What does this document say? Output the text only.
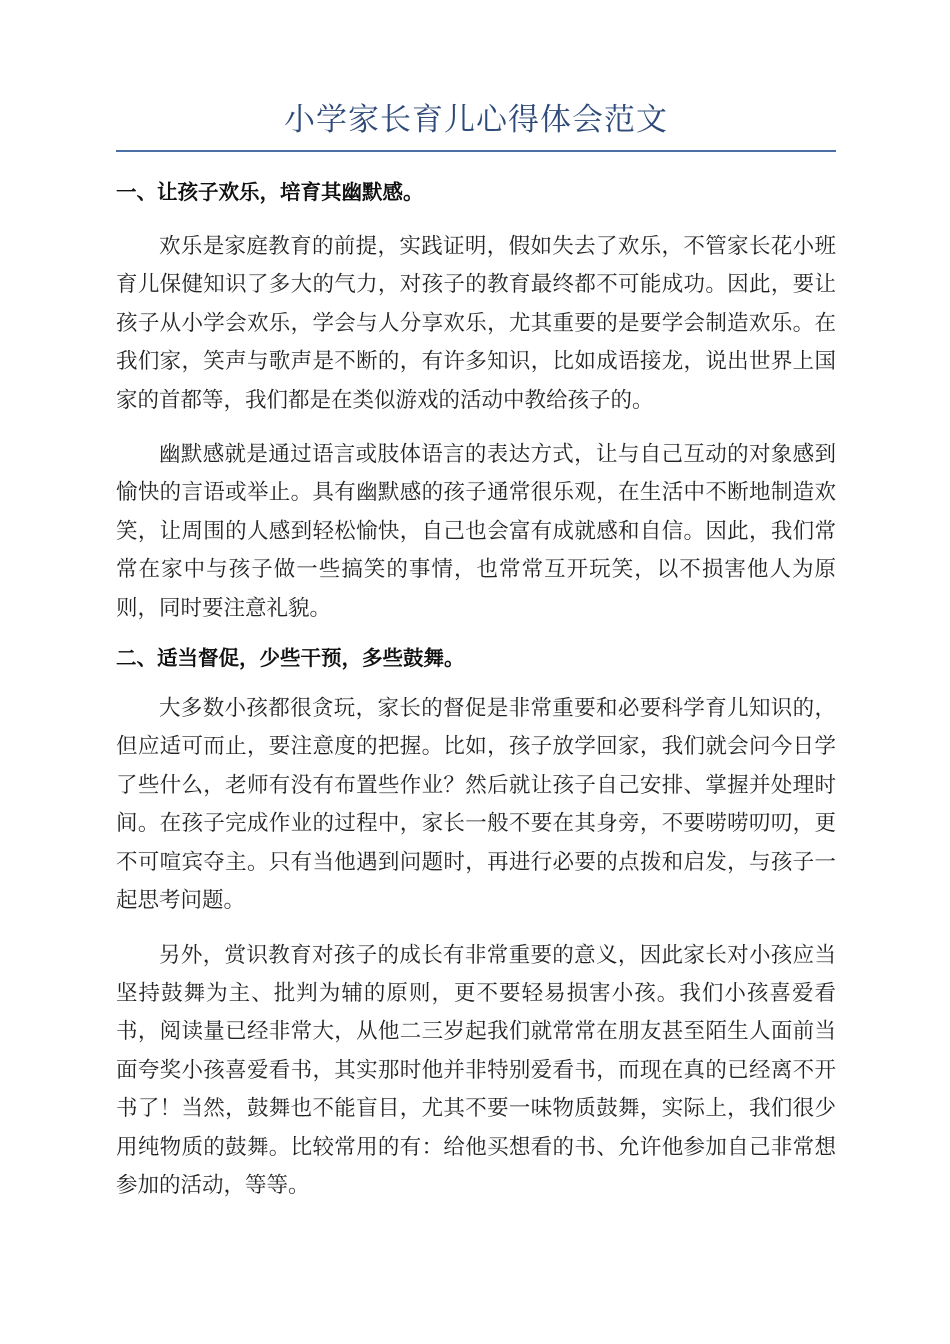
小学家长育儿心得体会范文
一、让孩子欢乐，培育其幽默感。

欢乐是家庭教育的前提，实践证明，假如失去了欢乐，不管家长花小班育儿保健知识了多大的气力，对孩子的教育最终都不可能成功。因此，要让孩子从小学会欢乐，学会与人分享欢乐，尤其重要的是要学会制造欢乐。在我们家，笑声与歌声是不断的，有许多知识，比如成语接龙，说出世界上国家的首都等，我们都是在类似游戏的活动中教给孩子的。

幽默感就是通过语言或肢体语言的表达方式，让与自己互动的对象感到愉快的言语或举止。具有幽默感的孩子通常很乐观，在生活中不断地制造欢笑，让周围的人感到轻松愉快，自己也会富有成就感和自信。因此，我们常常在家中与孩子做一些搞笑的事情，也常常互开玩笑，以不损害他人为原则，同时要注意礼貌。

二、适当督促，少些干预，多些鼓舞。

大多数小孩都很贪玩，家长的督促是非常重要和必要科学育儿知识的，但应适可而止，要注意度的把握。比如，孩子放学回家，我们就会问今日学了些什么，老师有没有布置些作业？然后就让孩子自己安排、掌握并处理时间。在孩子完成作业的过程中，家长一般不要在其身旁，不要唠唠叨叨，更不可喧宾夺主。只有当他遇到问题时，再进行必要的点拨和启发，与孩子一起思考问题。

另外，赏识教育对孩子的成长有非常重要的意义，因此家长对小孩应当坚持鼓舞为主、批判为辅的原则，更不要轻易损害小孩。我们小孩喜爱看书，阅读量已经非常大，从他二三岁起我们就常常在朋友甚至陌生人面前当面夸奖小孩喜爱看书，其实那时他并非特别爱看书，而现在真的已经离不开书了！当然，鼓舞也不能盲目，尤其不要一味物质鼓舞，实际上，我们很少用纯物质的鼓舞。比较常用的有：给他买想看的书、允许他参加自己非常想参加的活动，等等。
